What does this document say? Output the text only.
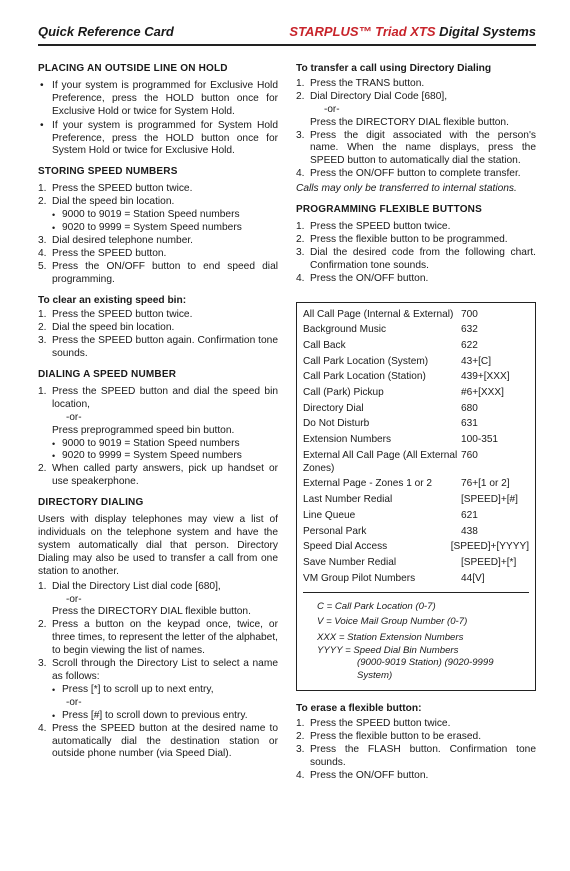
Quick Reference Card	STARPLUS™ Triad XTS Digital Systems
PLACING AN OUTSIDE LINE ON HOLD
• If your system is programmed for Exclusive Hold Preference, press the HOLD button once for Exclusive Hold or twice for System Hold.
• If your system is programmed for System Hold Preference, press the HOLD button once for System Hold or twice for Exclusive Hold.
STORING SPEED NUMBERS
1. Press the SPEED button twice.
2. Dial the speed bin location.
• 9000 to 9019 = Station Speed numbers
• 9020 to 9999 = System Speed numbers
3. Dial desired telephone number.
4. Press the SPEED button.
5. Press the ON/OFF button to end speed dial programming.
To clear an existing speed bin:
1. Press the SPEED button twice.
2. Dial the speed bin location.
3. Press the SPEED button again. Confirmation tone sounds.
DIALING A SPEED NUMBER
1. Press the SPEED button and dial the speed bin location,
-or-
Press preprogrammed speed bin button.
• 9000 to 9019 = Station Speed numbers
• 9020 to 9999 = System Speed numbers
2. When called party answers, pick up handset or use speakerphone.
DIRECTORY DIALING
Users with display telephones may view a list of individuals on the telephone system and have the system automatically dial that person. Directory Dialing may also be used to transfer a call from one station to another.
1. Dial the Directory List dial code [680],
-or-
Press the DIRECTORY DIAL flexible button.
2. Press a button on the keypad once, twice, or three times, to represent the letter of the alphabet, to begin viewing the list of names.
3. Scroll through the Directory List to select a name as follows:
• Press [*] to scroll up to next entry,
-or-
• Press [#] to scroll down to previous entry.
4. Press the SPEED button at the desired name to automatically dial the destination station or outside phone number (via Speed Dial).
To transfer a call using Directory Dialing
1. Press the TRANS button.
2. Dial Directory Dial Code [680],
-or-
Press the DIRECTORY DIAL flexible button.
3. Press the digit associated with the person's name. When the name displays, press the SPEED button to automatically dial the station.
4. Press the ON/OFF button to complete transfer.
Calls may only be transferred to internal stations.
PROGRAMMING FLEXIBLE BUTTONS
1. Press the SPEED button twice.
2. Press the flexible button to be programmed.
3. Dial the desired code from the following chart. Confirmation tone sounds.
4. Press the ON/OFF button.
All Call Page (Internal & External) 700
Background Music	632
Call Back	622
Call Park Location (System)	43+[C]
Call Park Location (Station)	439+[XXX]
Call (Park) Pickup	#6+[XXX]
Directory Dial	680
Do Not Disturb	631
Extension Numbers	100-351
External All Call Page (All External Zones)
760
External Page - Zones 1 or 2	76+[1 or 2]
Last Number Redial	[SPEED]+[#]
Line Queue	621
Personal Park	438
Speed Dial Access	[SPEED]+[YYYY]
Save Number Redial	[SPEED]+[*]
VM Group Pilot Numbers	44[V]
C = Call Park Location (0-7)
V = Voice Mail Group Number (0-7)
XXX = Station Extension Numbers
YYYY = Speed Dial Bin Numbers
(9000-9019 Station) (9020-9999 System)
To erase a flexible button:
1. Press the SPEED button twice.
2. Press the flexible button to be erased.
3. Press the FLASH button. Confirmation tone sounds.
4. Press the ON/OFF button.
